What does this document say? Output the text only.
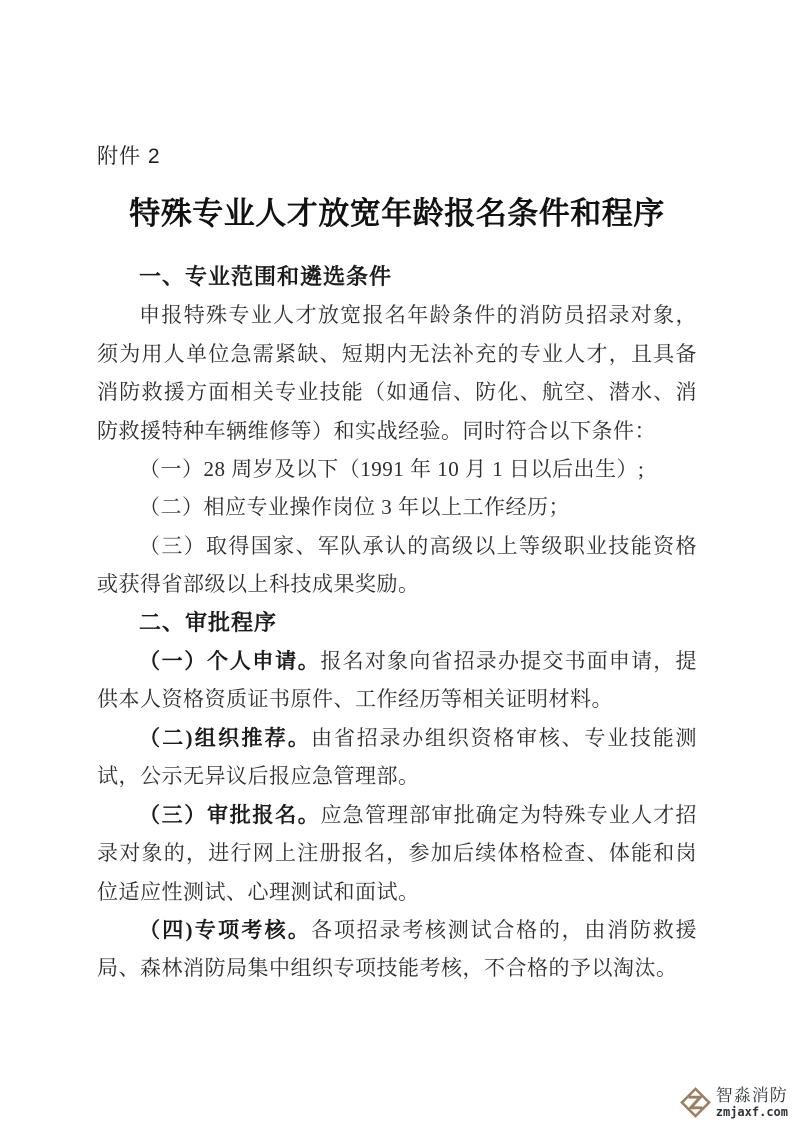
附件 2
特殊专业人才放宽年龄报名条件和程序
一、专业范围和遴选条件

申报特殊专业人才放宽报名年龄条件的消防员招录对象，须为用人单位急需紧缺、短期内无法补充的专业人才，且具备消防救援方面相关专业技能（如通信、防化、航空、潜水、消防救援特种车辆维修等）和实战经验。同时符合以下条件：

（一）28 周岁及以下（1991 年 10 月 1 日以后出生）;

（二）相应专业操作岗位 3 年以上工作经历；

（三）取得国家、军队承认的高级以上等级职业技能资格或获得省部级以上科技成果奖励。

二、审批程序

（一）个人申请。报名对象向省招录办提交书面申请，提供本人资格资质证书原件、工作经历等相关证明材料。

（二)组织推荐。由省招录办组织资格审核、专业技能测试，公示无异议后报应急管理部。

（三）审批报名。应急管理部审批确定为特殊专业人才招录对象的，进行网上注册报名，参加后续体格检查、体能和岗位适应性测试、心理测试和面试。

（四)专项考核。各项招录考核测试合格的，由消防救援局、森林消防局集中组织专项技能考核，不合格的予以淘汰。

智淼消防
zmjaxf.com
